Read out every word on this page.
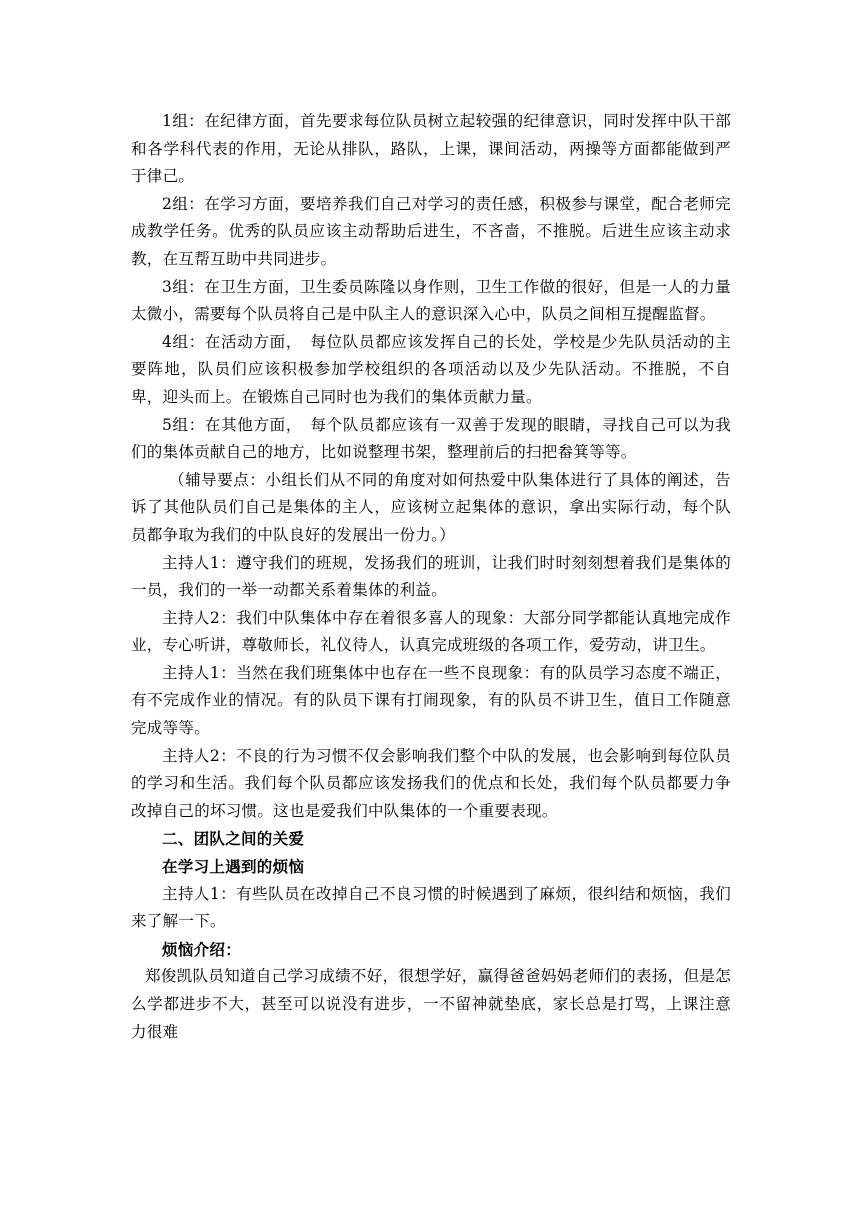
1组：在纪律方面，首先要求每位队员树立起较强的纪律意识，同时发挥中队干部和各学科代表的作用，无论从排队，路队，上课，课间活动，两操等方面都能做到严于律己。

2组：在学习方面，要培养我们自己对学习的责任感，积极参与课堂，配合老师完成教学任务。优秀的队员应该主动帮助后进生，不吝啬，不推脱。后进生应该主动求教，在互帮互助中共同进步。

3组：在卫生方面，卫生委员陈隆以身作则，卫生工作做的很好，但是一人的力量太微小，需要每个队员将自己是中队主人的意识深入心中，队员之间相互提醒监督。

4组：在活动方面，　每位队员都应该发挥自己的长处，学校是少先队员活动的主要阵地，队员们应该积极参加学校组织的各项活动以及少先队活动。不推脱，不自卑，迎头而上。在锻炼自己同时也为我们的集体贡献力量。

5组：在其他方面，　每个队员都应该有一双善于发现的眼睛，寻找自己可以为我们的集体贡献自己的地方，比如说整理书架，整理前后的扫把畚箕等等。

（辅导要点：小组长们从不同的角度对如何热爱中队集体进行了具体的阐述，告诉了其他队员们自己是集体的主人，应该树立起集体的意识，拿出实际行动，每个队员都争取为我们的中队良好的发展出一份力。）

主持人1：遵守我们的班规，发扬我们的班训，让我们时时刻刻想着我们是集体的一员，我们的一举一动都关系着集体的利益。

主持人2：我们中队集体中存在着很多喜人的现象：大部分同学都能认真地完成作业，专心听讲，尊敬师长，礼仪待人，认真完成班级的各项工作，爱劳动，讲卫生。

主持人1：当然在我们班集体中也存在一些不良现象：有的队员学习态度不端正，有不完成作业的情况。有的队员下课有打闹现象，有的队员不讲卫生，值日工作随意完成等等。

主持人2：不良的行为习惯不仅会影响我们整个中队的发展，也会影响到每位队员的学习和生活。我们每个队员都应该发扬我们的优点和长处，我们每个队员都要力争改掉自己的坏习惯。这也是爱我们中队集体的一个重要表现。

二、团队之间的关爱

在学习上遇到的烦恼

主持人1：有些队员在改掉自己不良习惯的时候遇到了麻烦，很纠结和烦恼，我们来了解一下。

烦恼介绍：

郑俊凯队员知道自己学习成绩不好，很想学好，赢得爸爸妈妈老师们的表扬，但是怎么学都进步不大，甚至可以说没有进步，一不留神就垫底，家长总是打骂，上课注意力很难
